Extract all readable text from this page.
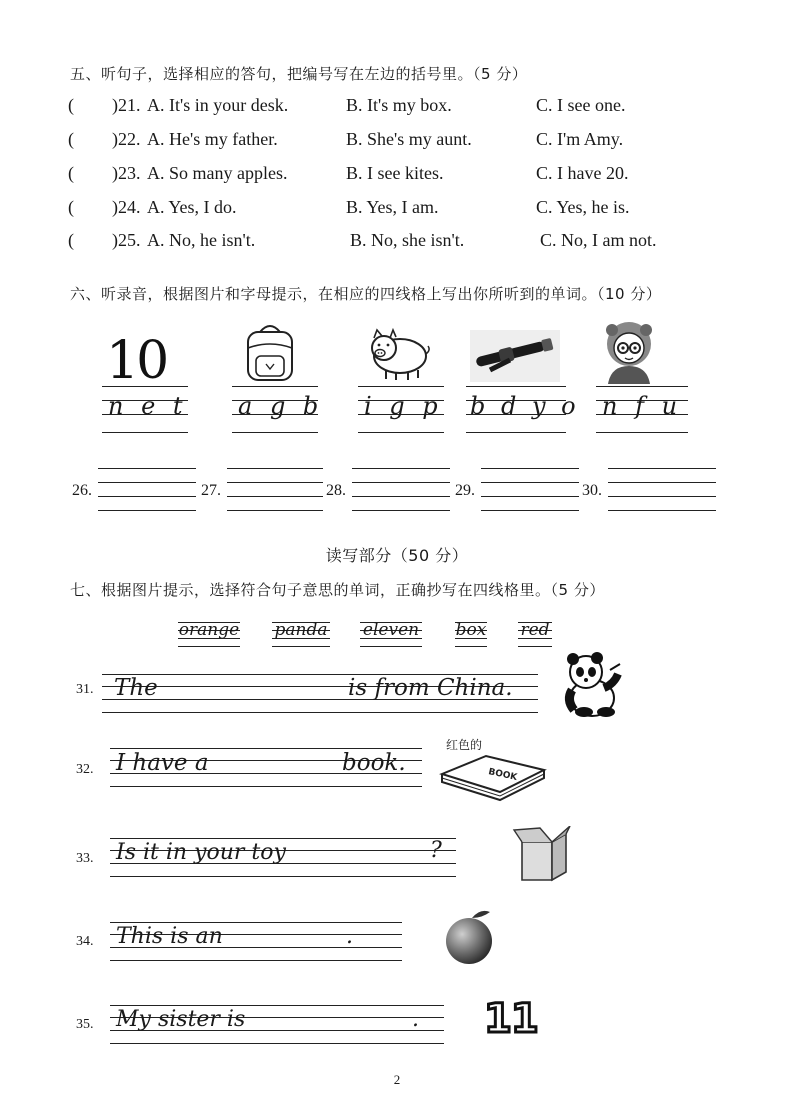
五、听句子，选择相应的答句，把编号写在左边的括号里。（5 分）
( )21. A. It's in your desk.	B. It's my box.	C. I see one.
( )22. A. He's my father.	B. She's my aunt.	C. I'm Amy.
( )23. A. So many apples.	B. I see kites.	C. I have 20.
( )24. A. Yes, I do.	B. Yes, I am.	C. Yes, he is.
( )25. A. No, he isn't.	B. No, she isn't.	C. No, I am not.
六、听录音，根据图片和字母提示，在相应的四线格上写出你所听到的单词。（10 分）
10
n e t a g b i g p b d y o n f u
26.	27.	28.	29.	30.
读写部分（50 分）
七、根据图片提示，选择符合句子意思的单词，正确抄写在四线格里。（5 分）
orange panda eleven box red
31. The	is from China.
32. I have a	book.
红色的
BOOK
33. Is it in your toy	?
34. This is an	.
35. My sister is	. 11
2
